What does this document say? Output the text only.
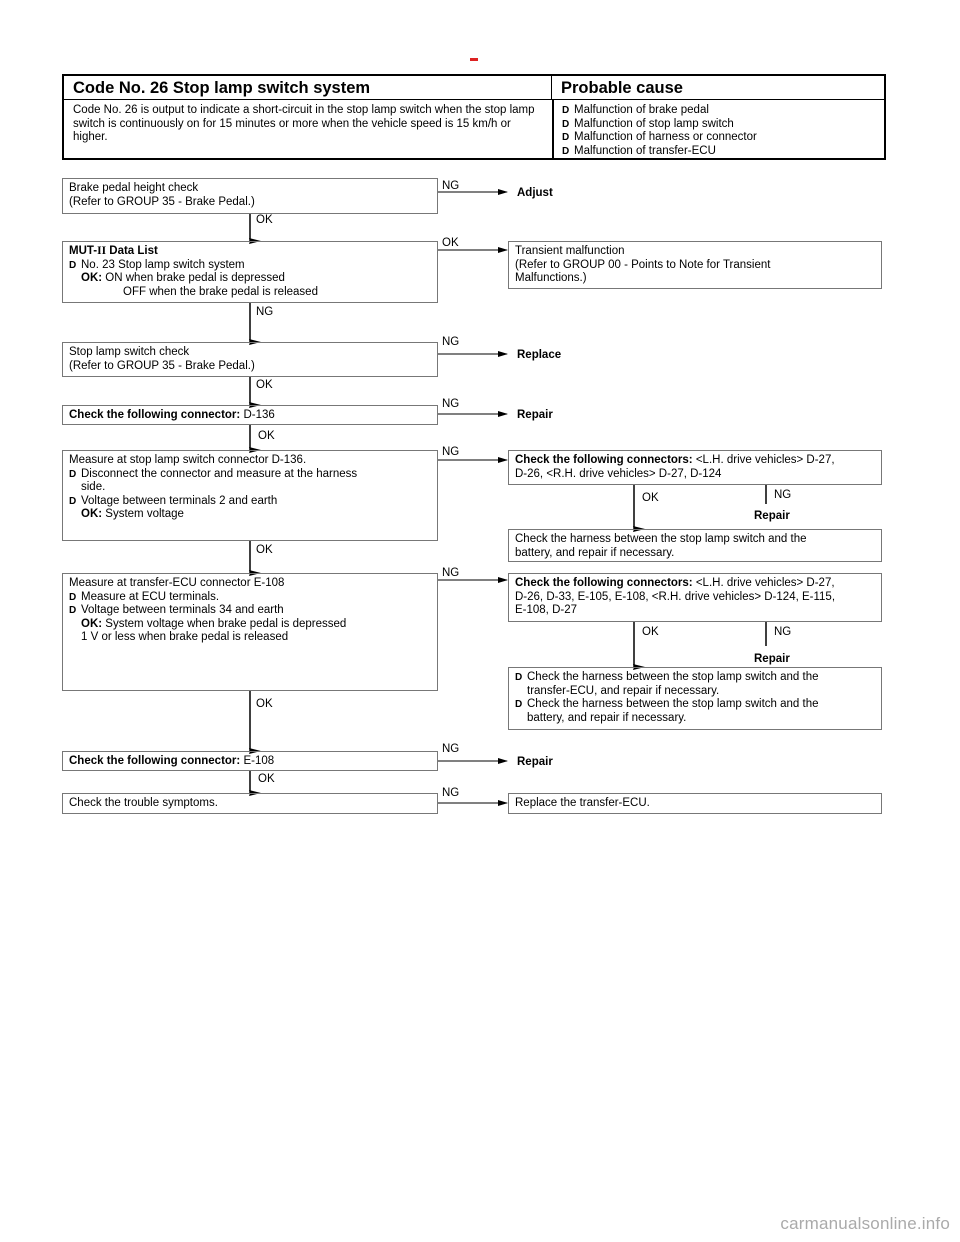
Code No. 26 Stop lamp switch system	Probable cause
Code No. 26 is output to indicate a short-circuit in the stop lamp switch when the stop lamp switch is continuously on for 15 minutes or more when the vehicle speed is 15 km/h or higher.
D Malfunction of brake pedal
D Malfunction of stop lamp switch
D Malfunction of harness or connector
D Malfunction of transfer-ECU
Brake pedal height check
(Refer to GROUP 35 - Brake Pedal.)
NG
Adjust
OK
MUT-II Data List
D No. 23 Stop lamp switch system
OK: ON when brake pedal is depressed
OFF when the brake pedal is released
OK
Transient malfunction
(Refer to GROUP 00 - Points to Note for Transient
Malfunctions.)
NG
Stop lamp switch check
(Refer to GROUP 35 - Brake Pedal.)
NG
Replace
OK
Check the following connector: D-136
NG
Repair
OK
Measure at stop lamp switch connector D-136.
D Disconnect the connector and measure at the harness
side.
D Voltage between terminals 2 and earth
OK: System voltage
NG
Check the following connectors: <L.H. drive vehicles> D-27,
D-26, <R.H. drive vehicles> D-27, D-124
OK	NG
Repair
Check the harness between the stop lamp switch and the
battery, and repair if necessary.
OK
Measure at transfer-ECU connector E-108
D Measure at ECU terminals.
D Voltage between terminals 34 and earth
OK: System voltage when brake pedal is depressed
1 V or less when brake pedal is released
NG
Check the following connectors: <L.H. drive vehicles> D-27,
D-26, D-33, E-105, E-108, <R.H. drive vehicles> D-124, E-115,
E-108, D-27
OK	NG
Repair
D Check the harness between the stop lamp switch and the
transfer-ECU, and repair if necessary.
D Check the harness between the stop lamp switch and the
battery, and repair if necessary.
OK
Check the following connector: E-108
NG
Repair
OK
Check the trouble symptoms.
NG
Replace the transfer-ECU.
carmanualsonline.info
